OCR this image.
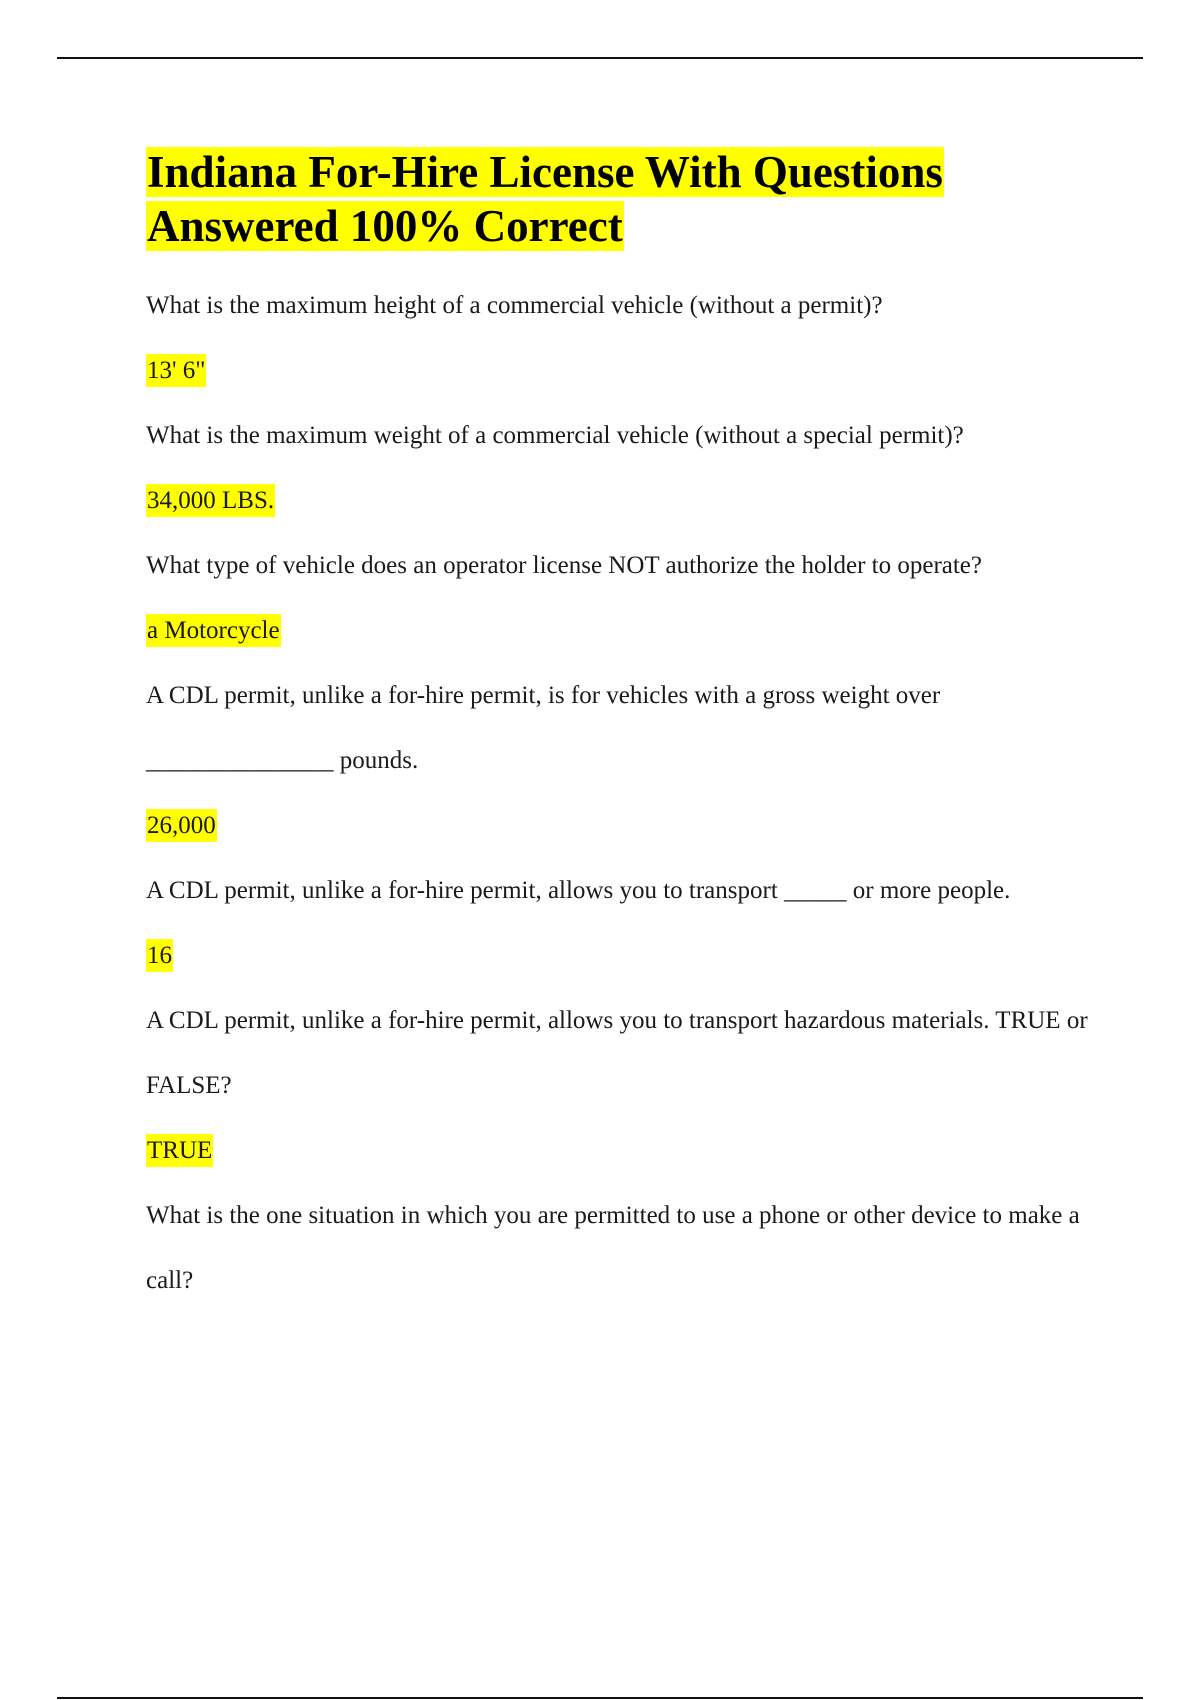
Indiana For-Hire License With Questions Answered 100% Correct

What is the maximum height of a commercial vehicle (without a permit)?

13' 6"

What is the maximum weight of a commercial vehicle (without a special permit)?

34,000 LBS.

What type of vehicle does an operator license NOT authorize the holder to operate?

a Motorcycle

A CDL permit, unlike a for-hire permit, is for vehicles with a gross weight over _______________ pounds.

26,000

A CDL permit, unlike a for-hire permit, allows you to transport _____ or more people.

16

A CDL permit, unlike a for-hire permit, allows you to transport hazardous materials. TRUE or FALSE?

TRUE

What is the one situation in which you are permitted to use a phone or other device to make a call?
